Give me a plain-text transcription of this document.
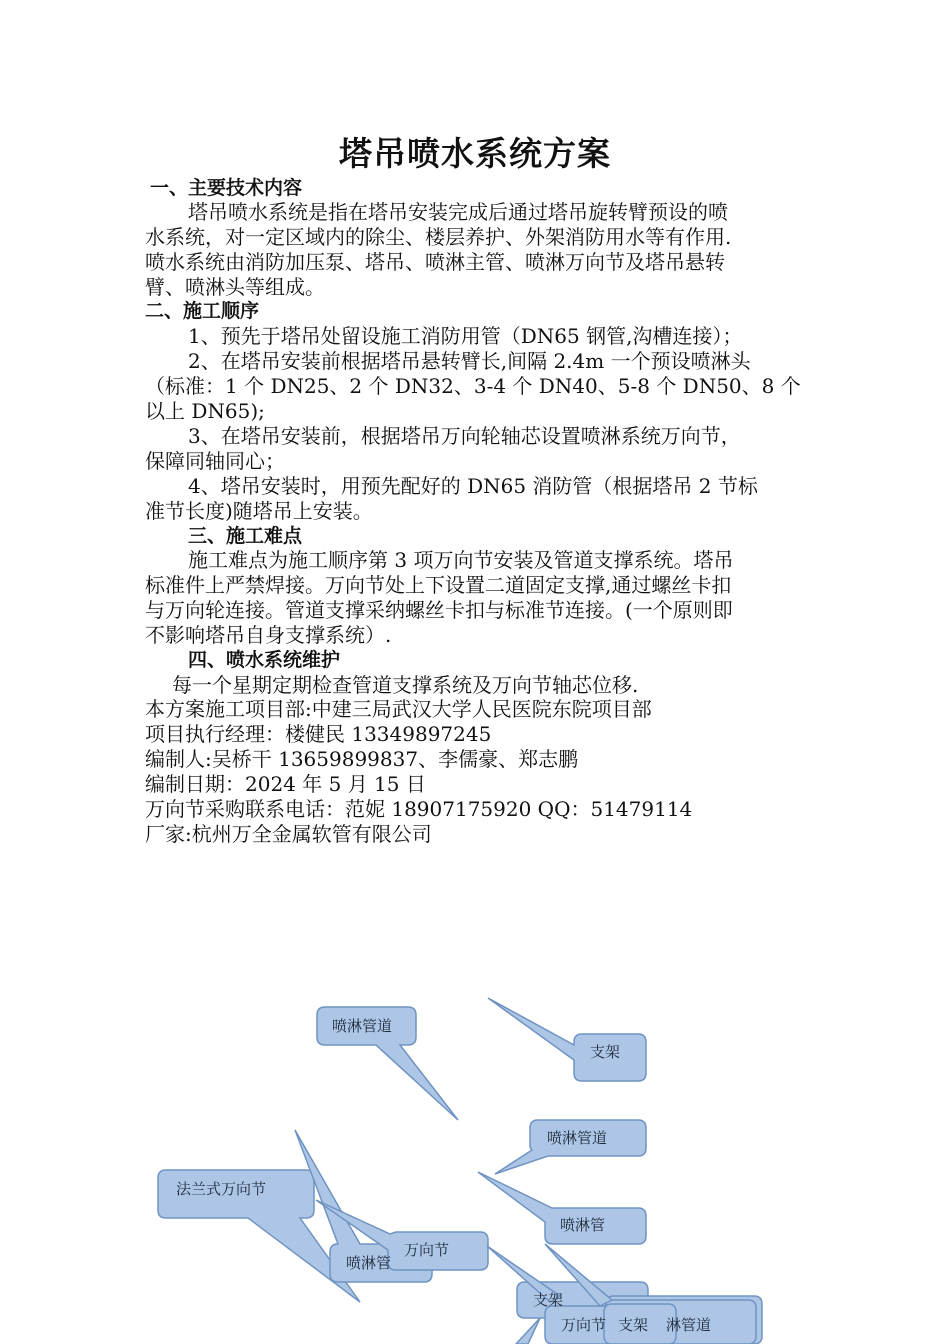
塔吊喷水系统方案
一、主要技术内容
塔吊喷水系统是指在塔吊安装完成后通过塔吊旋转臂预设的喷
水系统，对一定区域内的除尘、楼层养护、外架消防用水等有作用.
喷水系统由消防加压泵、塔吊、喷淋主管、喷淋万向节及塔吊悬转
臂、喷淋头等组成。
二、施工顺序
1、预先于塔吊处留设施工消防用管（DN65 钢管,沟槽连接）；
2、在塔吊安装前根据塔吊悬转臂长,间隔 2.4m 一个预设喷淋头
（标准：1 个 DN25、2 个 DN32、3-4 个 DN40、5-8 个 DN50、8 个
以上 DN65);
3、在塔吊安装前，根据塔吊万向轮轴芯设置喷淋系统万向节，
保障同轴同心；
4、塔吊安装时，用预先配好的 DN65 消防管（根据塔吊 2 节标
准节长度)随塔吊上安装。
三、施工难点
施工难点为施工顺序第 3 项万向节安装及管道支撑系统。塔吊
标准件上严禁焊接。万向节处上下设置二道固定支撑,通过螺丝卡扣
与万向轮连接。管道支撑采纳螺丝卡扣与标准节连接。(一个原则即
不影响塔吊自身支撑系统）.
四、喷水系统维护
每一个星期定期检查管道支撑系统及万向节轴芯位移.
本方案施工项目部:中建三局武汉大学人民医院东院项目部
项目执行经理：楼健民 13349897245
编制人:吴桥干 13659899837、李儒豪、郑志鹏
编制日期：2024 年 5 月 15 日
万向节采购联系电话：范妮 18907175920 QQ：51479114
厂家:杭州万全金属软管有限公司
喷淋管道
支架
喷淋管道
法兰式万向节
喷淋管
喷淋管
万向节
支架
淋管道
万向节 支架
